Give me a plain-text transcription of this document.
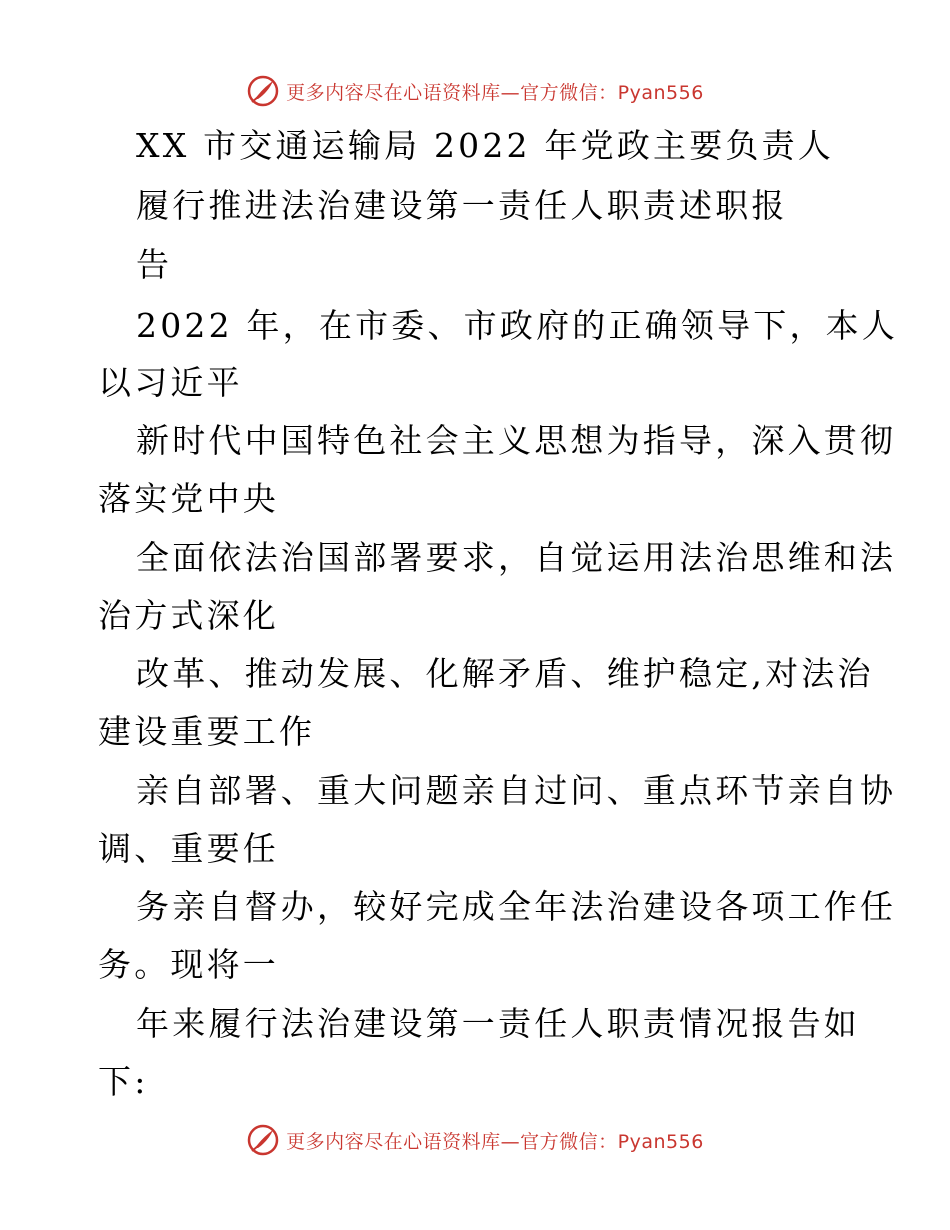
更多内容尽在心语资料库—官方微信：Pyan556
XX 市交通运输局 2022 年党政主要负责人
履行推进法治建设第一责任人职责述职报
告
2022 年，在市委、市政府的正确领导下，本人
以习近平
新时代中国特色社会主义思想为指导，深入贯彻
落实党中央
全面依法治国部署要求，自觉运用法治思维和法
治方式深化
改革、推动发展、化解矛盾、维护稳定,对法治
建设重要工作
亲自部署、重大问题亲自过问、重点环节亲自协
调、重要任
务亲自督办，较好完成全年法治建设各项工作任
务。现将一
年来履行法治建设第一责任人职责情况报告如
下:
更多内容尽在心语资料库—官方微信：Pyan556
